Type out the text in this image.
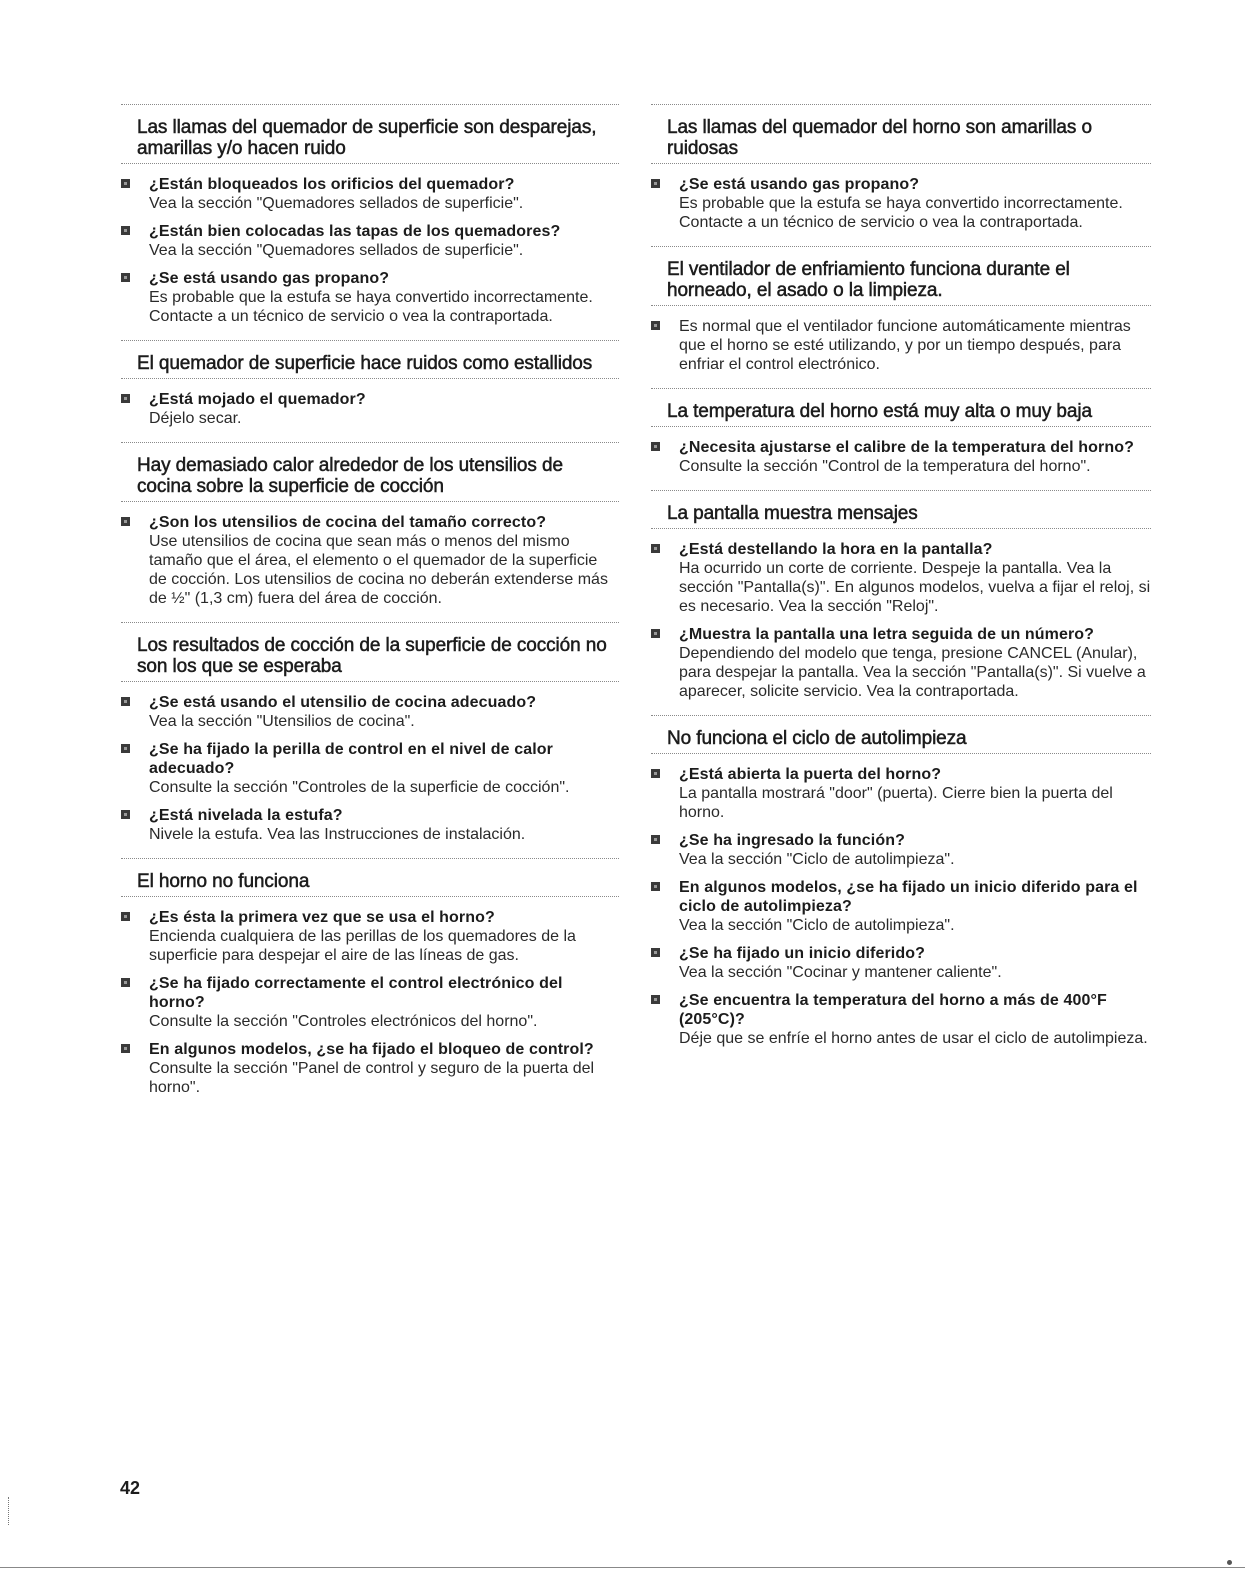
Las llamas del quemador de superficie son desparejas, amarillas y/o hacen ruido
¿Están bloqueados los orificios del quemador?
Vea la sección "Quemadores sellados de superficie".
¿Están bien colocadas las tapas de los quemadores?
Vea la sección "Quemadores sellados de superficie".
¿Se está usando gas propano?
Es probable que la estufa se haya convertido incorrectamente. Contacte a un técnico de servicio o vea la contraportada.
El quemador de superficie hace ruidos como estallidos
¿Está mojado el quemador?
Déjelo secar.
Hay demasiado calor alrededor de los utensilios de cocina sobre la superficie de cocción
¿Son los utensilios de cocina del tamaño correcto?
Use utensilios de cocina que sean más o menos del mismo tamaño que el área, el elemento o el quemador de la superficie de cocción. Los utensilios de cocina no deberán extenderse más de ½" (1,3 cm) fuera del área de cocción.
Los resultados de cocción de la superficie de cocción no son los que se esperaba
¿Se está usando el utensilio de cocina adecuado?
Vea la sección "Utensilios de cocina".
¿Se ha fijado la perilla de control en el nivel de calor adecuado?
Consulte la sección "Controles de la superficie de cocción".
¿Está nivelada la estufa?
Nivele la estufa. Vea las Instrucciones de instalación.
El horno no funciona
¿Es ésta la primera vez que se usa el horno?
Encienda cualquiera de las perillas de los quemadores de la superficie para despejar el aire de las líneas de gas.
¿Se ha fijado correctamente el control electrónico del horno?
Consulte la sección "Controles electrónicos del horno".
En algunos modelos, ¿se ha fijado el bloqueo de control?
Consulte la sección "Panel de control y seguro de la puerta del horno".
Las llamas del quemador del horno son amarillas o ruidosas
¿Se está usando gas propano?
Es probable que la estufa se haya convertido incorrectamente. Contacte a un técnico de servicio o vea la contraportada.
El ventilador de enfriamiento funciona durante el horneado, el asado o la limpieza.
Es normal que el ventilador funcione automáticamente mientras que el horno se esté utilizando, y por un tiempo después, para enfriar el control electrónico.
La temperatura del horno está muy alta o muy baja
¿Necesita ajustarse el calibre de la temperatura del horno?
Consulte la sección "Control de la temperatura del horno".
La pantalla muestra mensajes
¿Está destellando la hora en la pantalla?
Ha ocurrido un corte de corriente. Despeje la pantalla. Vea la sección "Pantalla(s)". En algunos modelos, vuelva a fijar el reloj, si es necesario. Vea la sección "Reloj".
¿Muestra la pantalla una letra seguida de un número?
Dependiendo del modelo que tenga, presione CANCEL (Anular), para despejar la pantalla. Vea la sección "Pantalla(s)". Si vuelve a aparecer, solicite servicio. Vea la contraportada.
No funciona el ciclo de autolimpieza
¿Está abierta la puerta del horno?
La pantalla mostrará "door" (puerta). Cierre bien la puerta del horno.
¿Se ha ingresado la función?
Vea la sección "Ciclo de autolimpieza".
En algunos modelos, ¿se ha fijado un inicio diferido para el ciclo de autolimpieza?
Vea la sección "Ciclo de autolimpieza".
¿Se ha fijado un inicio diferido?
Vea la sección "Cocinar y mantener caliente".
¿Se encuentra la temperatura del horno a más de 400°F (205°C)?
Déje que se enfríe el horno antes de usar el ciclo de autolimpieza.
42
